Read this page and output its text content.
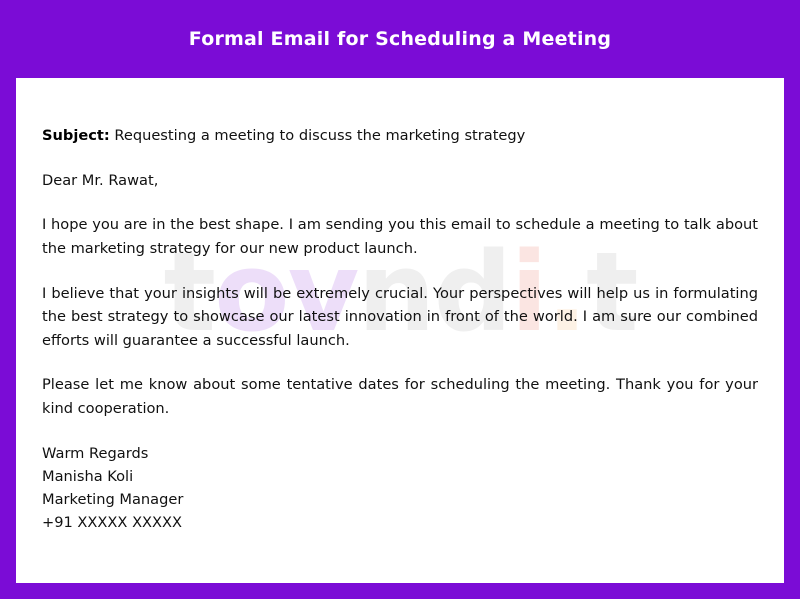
Formal Email for Scheduling a Meeting
tovndi.t

Subject: Requesting a meeting to discuss the marketing strategy

Dear Mr. Rawat,

I hope you are in the best shape. I am sending you this email to schedule a meeting to talk about the marketing strategy for our new product launch.

I believe that your insights will be extremely crucial. Your perspectives will help us in formulating the best strategy to showcase our latest innovation in front of the world. I am sure our combined efforts will guarantee a successful launch.

Please let me know about some tentative dates for scheduling the meeting. Thank you for your kind cooperation.

Warm Regards
Manisha Koli
Marketing Manager
+91 XXXXX XXXXX
